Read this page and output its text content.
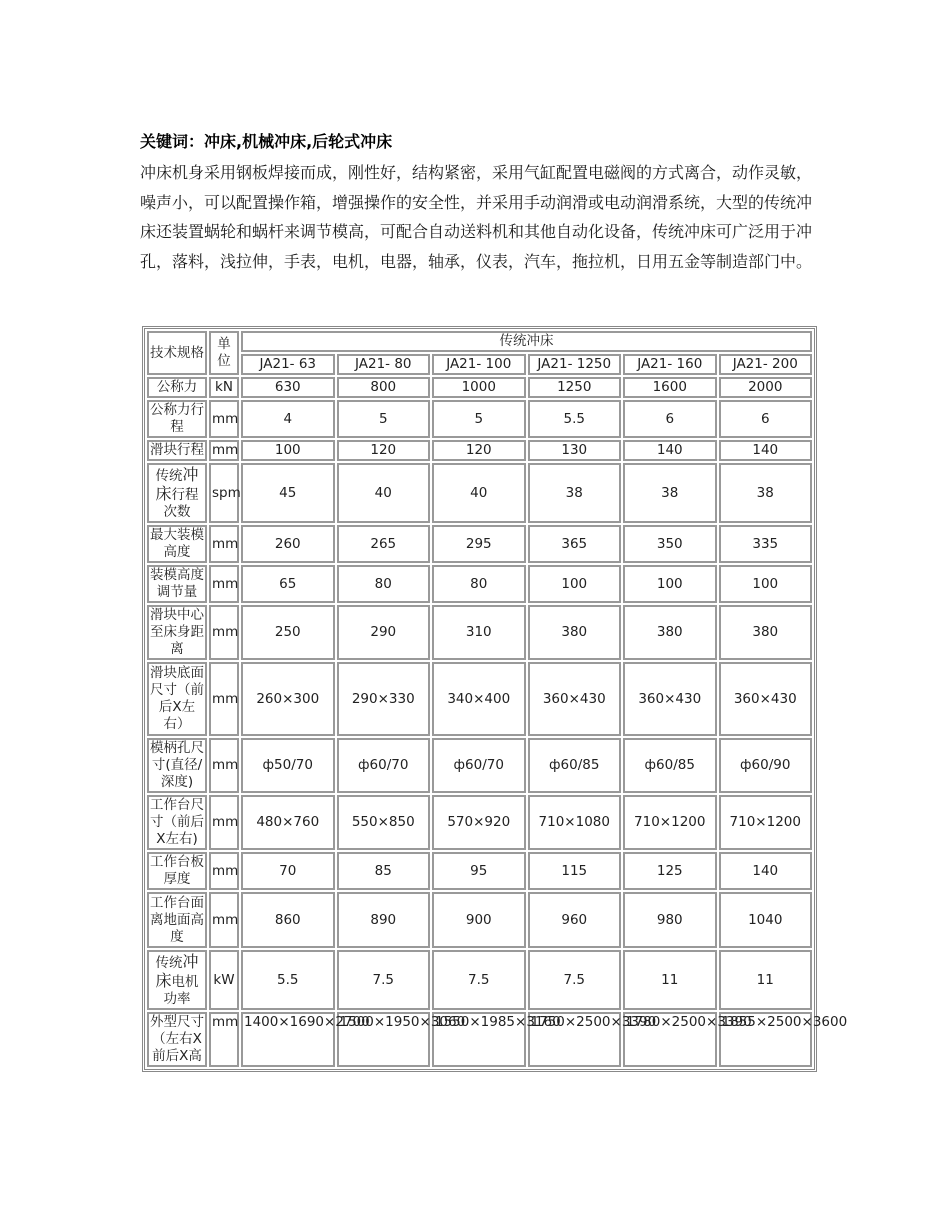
关键词：冲床,机械冲床,后轮式冲床

冲床机身采用钢板焊接而成，刚性好，结构紧密，采用气缸配置电磁阀的方式离合，动作灵敏，噪声小，可以配置操作箱，增强操作的安全性，并采用手动润滑或电动润滑系统，大型的传统冲床还装置蜗轮和蜗杆来调节模高，可配合自动送料机和其他自动化设备，传统冲床可广泛用于冲孔，落料，浅拉伸，手表，电机，电器，轴承，仪表，汽车，拖拉机，日用五金等制造部门中。

技术规格	单位	传统冲床					
		JA21- 63	JA21- 80	JA21- 100	JA21- 1250	JA21- 160	JA21- 200
公称力	kN	630	800	1000	1250	1600	2000
公称力行程	mm	4	5	5	5.5	6	6
滑块行程	mm	100	120	120	130	140	140
传统冲
床行程次数	spm	45	40	40	38	38	38
最大装模高度	mm	260	265	295	365	350	335
装模高度调节量	mm	65	80	80	100	100	100
滑块中心至床身距离	mm	250	290	310	380	380	380
滑块底面尺寸（前后X左右）	mm	260×300	290×330	340×400	360×430	360×430	360×430
模柄孔尺寸(直径/深度)	mm	ф50/70	ф60/70	ф60/70	ф60/85	ф60/85	ф60/90
工作台尺寸（前后X左右)	mm	480×760	550×850	570×920	710×1080	710×1200	710×1200
工作台板厚度	mm	70	85	95	115	125	140
工作台面离地面高度	mm	860	890	900	960	980	1040
传统冲
床电机功率	kW	5.5	7.5	7.5	7.5	11	11
外型尺寸（左右X前后X高	mm	1400×1690×2700	1500×1950×3060	1550×1985×3160	1750×2500×3390	1780×2500×3390	1855×2500×3600
